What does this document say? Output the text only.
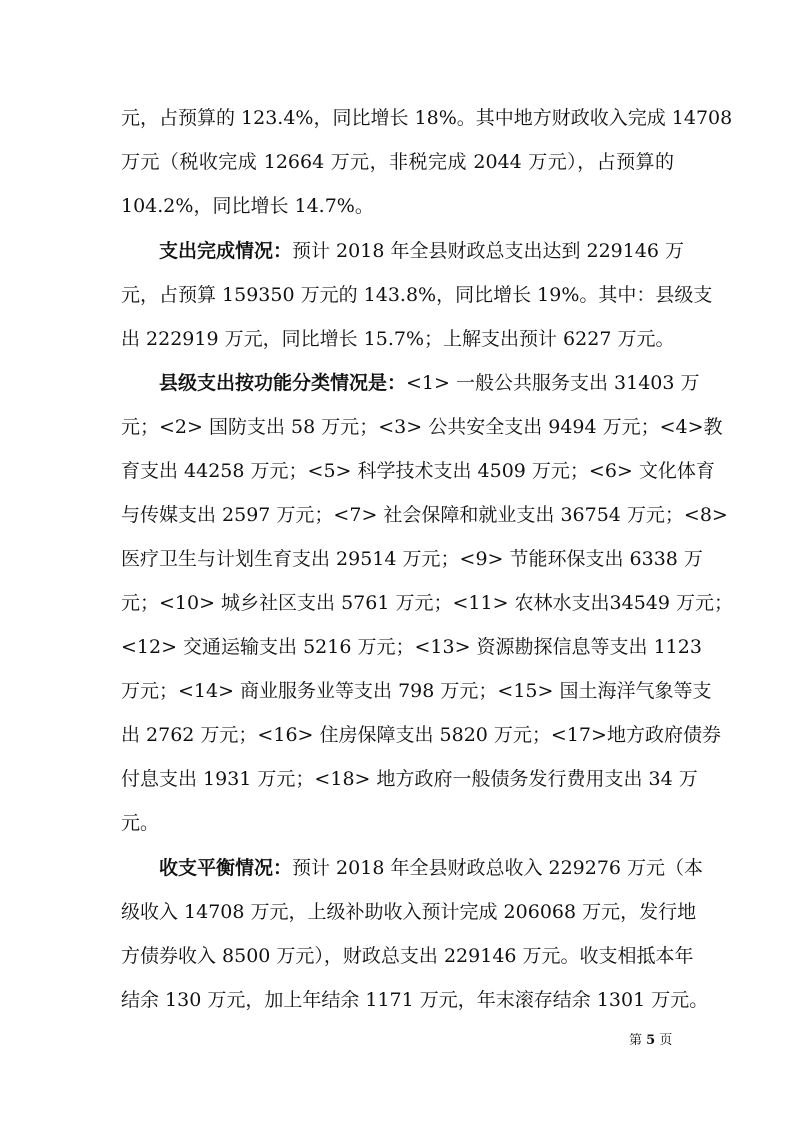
元，占预算的 123.4%，同比增长 18%。其中地方财政收入完成 14708
万元（税收完成 12664 万元，非税完成 2044 万元），占预算的
104.2%，同比增长 14.7%。
支出完成情况：预计 2018 年全县财政总支出达到 229146 万
元，占预算 159350 万元的 143.8%，同比增长 19%。其中：县级支
出 222919 万元，同比增长 15.7%；上解支出预计 6227 万元。
县级支出按功能分类情况是：<1> 一般公共服务支出 31403 万
元；<2> 国防支出 58 万元；<3> 公共安全支出 9494 万元；<4>教
育支出 44258 万元；<5> 科学技术支出 4509 万元；<6> 文化体育
与传媒支出 2597 万元；<7> 社会保障和就业支出 36754 万元；<8>
医疗卫生与计划生育支出 29514 万元；<9> 节能环保支出 6338 万
元；<10> 城乡社区支出 5761 万元；<11> 农林水支出34549 万元；
<12> 交通运输支出 5216 万元；<13> 资源勘探信息等支出 1123
万元；<14> 商业服务业等支出 798 万元；<15> 国土海洋气象等支
出 2762 万元；<16> 住房保障支出 5820 万元；<17>地方政府债券
付息支出 1931 万元；<18> 地方政府一般债务发行费用支出 34 万
元。
收支平衡情况：预计 2018 年全县财政总收入 229276 万元（本
级收入 14708 万元，上级补助收入预计完成 206068 万元，发行地
方债券收入 8500 万元），财政总支出 229146 万元。收支相抵本年
结余 130 万元，加上年结余 1171 万元，年末滚存结余 1301 万元。
第 5 页
